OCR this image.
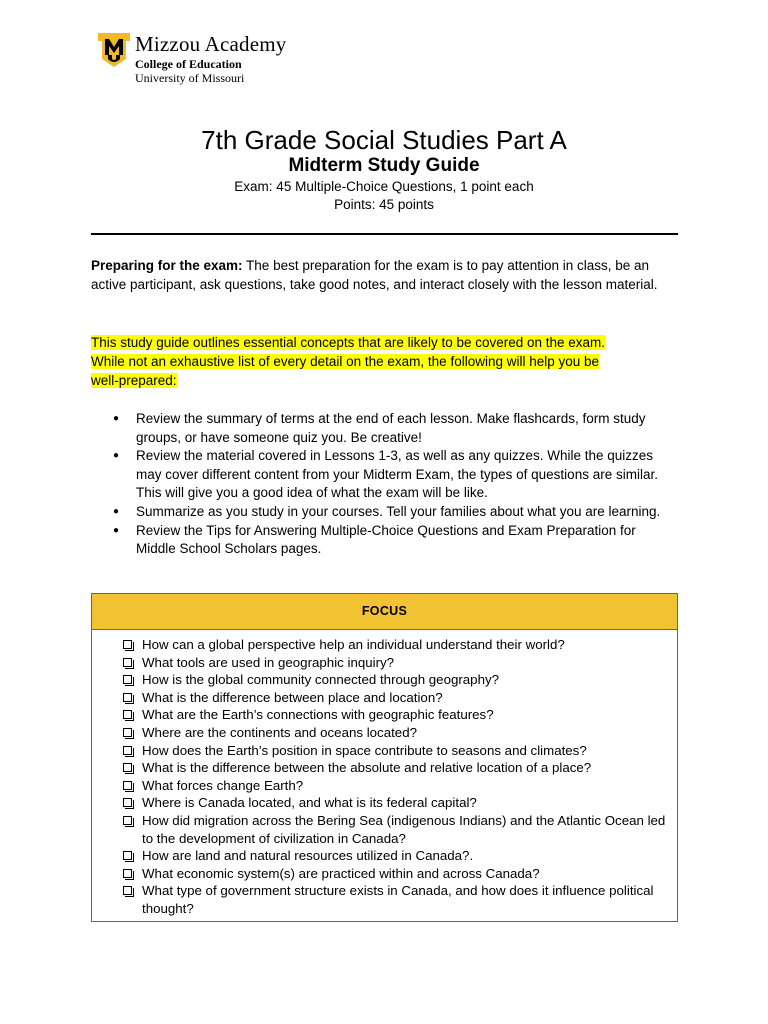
Mizzou Academy
College of Education
University of Missouri
7th Grade Social Studies Part A
Midterm Study Guide
Exam: 45 Multiple-Choice Questions, 1 point each
Points: 45 points
Preparing for the exam: The best preparation for the exam is to pay attention in class, be an active participant, ask questions, take good notes, and interact closely with the lesson material.
This study guide outlines essential concepts that are likely to be covered on the exam.
While not an exhaustive list of every detail on the exam, the following will help you be
well-prepared:
● Review the summary of terms at the end of each lesson. Make flashcards, form study groups, or have someone quiz you. Be creative!
● Review the material covered in Lessons 1-3, as well as any quizzes. While the quizzes may cover different content from your Midterm Exam, the types of questions are similar. This will give you a good idea of what the exam will be like.
● Summarize as you study in your courses. Tell your families about what you are learning.
● Review the Tips for Answering Multiple-Choice Questions and Exam Preparation for Middle School Scholars pages.
FOCUS
How can a global perspective help an individual understand their world?
What tools are used in geographic inquiry?
How is the global community connected through geography?
What is the difference between place and location?
What are the Earth’s connections with geographic features?
Where are the continents and oceans located?
How does the Earth’s position in space contribute to seasons and climates?
What is the difference between the absolute and relative location of a place?
What forces change Earth?
Where is Canada located, and what is its federal capital?
How did migration across the Bering Sea (indigenous Indians) and the Atlantic Ocean led to the development of civilization in Canada?
How are land and natural resources utilized in Canada?.
What economic system(s) are practiced within and across Canada?
What type of government structure exists in Canada, and how does it influence political thought?
